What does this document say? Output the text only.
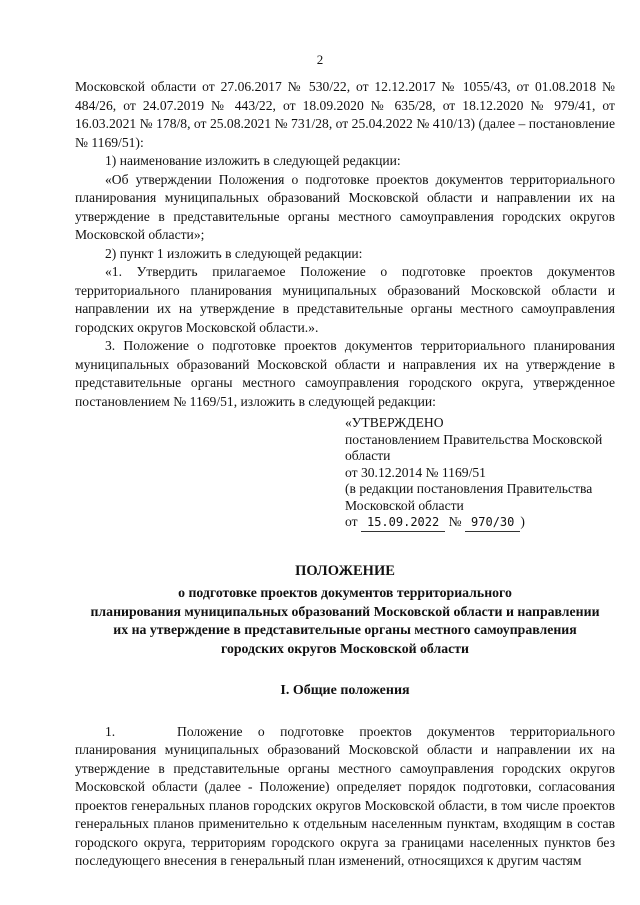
2

Московской области от 27.06.2017 № 530/22, от 12.12.2017 № 1055/43, от 01.08.2018 № 484/26, от 24.07.2019 № 443/22, от 18.09.2020 № 635/28, от 18.12.2020 № 979/41, от 16.03.2021 № 178/8, от 25.08.2021 № 731/28, от 25.04.2022 № 410/13) (далее – постановление № 1169/51):

1) наименование изложить в следующей редакции:

«Об утверждении Положения о подготовке проектов документов территориального планирования муниципальных образований Московской области и направлении их на утверждение в представительные органы местного самоуправления городских округов Московской области»;

2) пункт 1 изложить в следующей редакции:

«1. Утвердить прилагаемое Положение о подготовке проектов документов территориального планирования муниципальных образований Московской области и направлении их на утверждение в представительные органы местного самоуправления городских округов Московской области.».

3. Положение о подготовке проектов документов территориального планирования муниципальных образований Московской области и направления их на утверждение в представительные органы местного самоуправления городского округа, утвержденное постановлением № 1169/51, изложить в следующей редакции:

«УТВЕРЖДЕНО
постановлением Правительства Московской
области
от 30.12.2014 № 1169/51
(в редакции постановления Правительства
Московской области
от 15.09.2022 № 970/30 )
ПОЛОЖЕНИЕ
о подготовке проектов документов территориального
планирования муниципальных образований Московской области и направлении
их на утверждение в представительные органы местного самоуправления
городских округов Московской области
I. Общие положения

1.	Положение о подготовке проектов документов территориального планирования муниципальных образований Московской области и направлении их на утверждение в представительные органы местного самоуправления городских округов Московской области (далее - Положение) определяет порядок подготовки, согласования проектов генеральных планов городских округов Московской области, в том числе проектов генеральных планов применительно к отдельным населенным пунктам, входящим в состав городского округа, территориям городского округа за границами населенных пунктов без последующего внесения в генеральный план изменений, относящихся к другим частям
